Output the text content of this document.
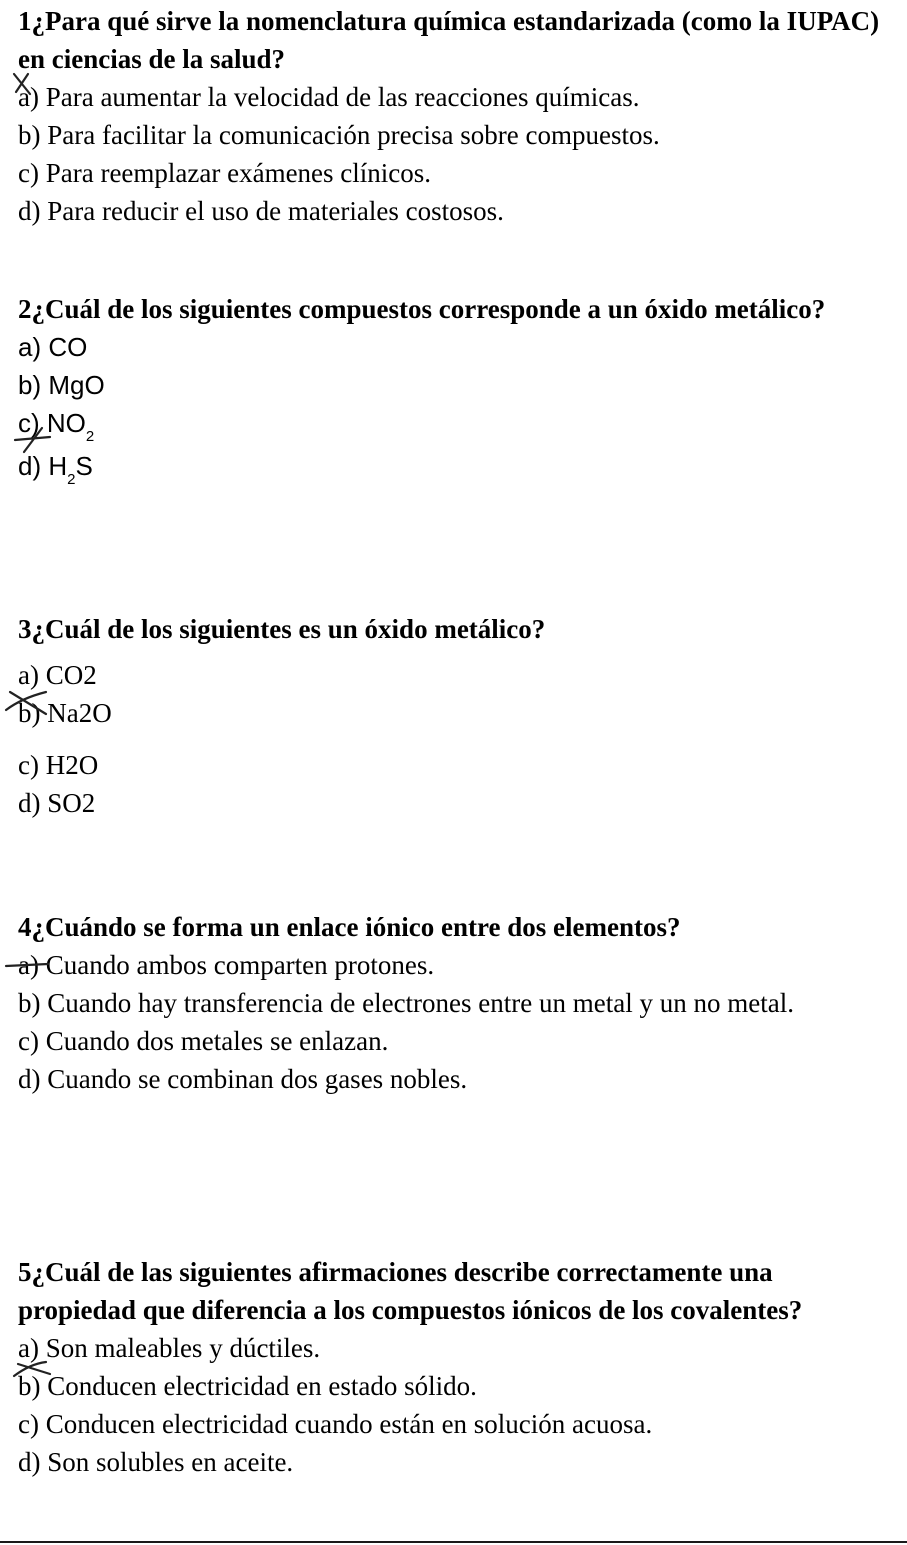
1¿Para qué sirve la nomenclatura química estandarizada (como la IUPAC) en ciencias de la salud?

a) Para aumentar la velocidad de las reacciones químicas.
b) Para facilitar la comunicación precisa sobre compuestos.
c) Para reemplazar exámenes clínicos.
d) Para reducir el uso de materiales costosos.

2¿Cuál de los siguientes compuestos corresponde a un óxido metálico?

a) CO
b) MgO
c) $NO_2$
d) $H_2S$

3¿Cuál de los siguientes es un óxido metálico?

a) CO2
b) Na2O
c) H2O
d) SO2

4¿Cuándo se forma un enlace iónico entre dos elementos?

a) Cuando ambos comparten protones.
b) Cuando hay transferencia de electrones entre un metal y un no metal.
c) Cuando dos metales se enlazan.
d) Cuando se combinan dos gases nobles.

5¿Cuál de las siguientes afirmaciones describe correctamente una propiedad que diferencia a los compuestos iónicos de los covalentes?

a) Son maleables y dúctiles.
b) Conducen electricidad en estado sólido.
c) Conducen electricidad cuando están en solución acuosa.
d) Son solubles en aceite.
